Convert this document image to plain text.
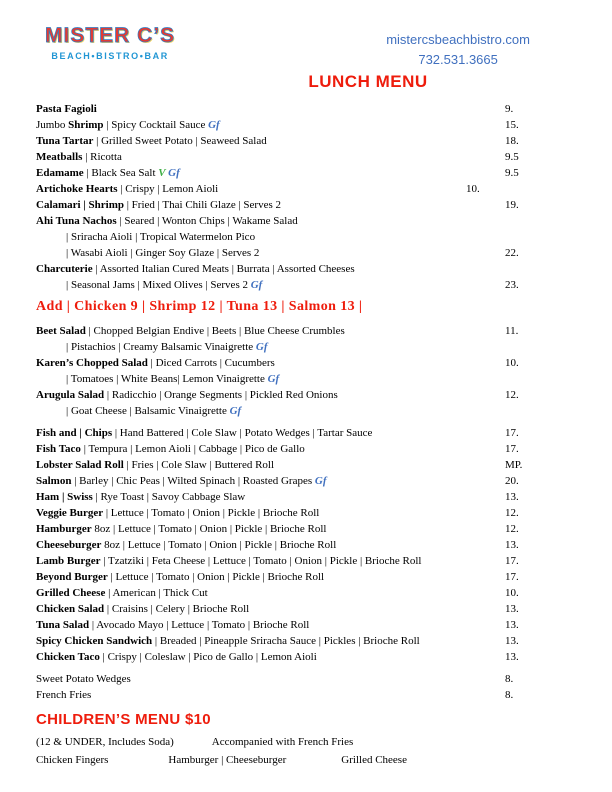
MISTER C’S
BEACH•BISTRO•BAR
mistercsbeachbistro.com
732.531.3665
LUNCH MENU
Pasta Fagioli	9.
Jumbo Shrimp | Spicy Cocktail Sauce Gf	15.
Tuna Tartar | Grilled Sweet Potato | Seaweed Salad	18.
Meatballs | Ricotta	9.5
Edamame | Black Sea Salt V Gf	9.5
Artichoke Hearts | Crispy | Lemon Aioli	10.
Calamari | Shrimp | Fried | Thai Chili Glaze | Serves 2	19.
Ahi Tuna Nachos | Seared | Wonton Chips | Wakame Salad
| Sriracha Aioli | Tropical Watermelon Pico
| Wasabi Aioli | Ginger Soy Glaze | Serves 2	22.
Charcuterie | Assorted Italian Cured Meats | Burrata | Assorted Cheeses
| Seasonal Jams | Mixed Olives | Serves 2 Gf	23.
Add | Chicken 9 | Shrimp 12 | Tuna 13 | Salmon 13 |
Beet Salad | Chopped Belgian Endive | Beets | Blue Cheese Crumbles	11.
| Pistachios | Creamy Balsamic Vinaigrette Gf
Karen’s Chopped Salad | Diced Carrots | Cucumbers	10.
| Tomatoes | White Beans| Lemon Vinaigrette Gf
Arugula Salad | Radicchio | Orange Segments | Pickled Red Onions	12.
| Goat Cheese | Balsamic Vinaigrette Gf
Fish and | Chips | Hand Battered | Cole Slaw | Potato Wedges | Tartar Sauce	17.
Fish Taco | Tempura | Lemon Aioli | Cabbage | Pico de Gallo	17.
Lobster Salad Roll | Fries | Cole Slaw | Buttered Roll	MP.
Salmon | Barley | Chic Peas | Wilted Spinach | Roasted Grapes Gf	20.
Ham | Swiss | Rye Toast | Savoy Cabbage Slaw	13.
Veggie Burger | Lettuce | Tomato | Onion | Pickle | Brioche Roll	12.
Hamburger 8oz | Lettuce | Tomato | Onion | Pickle | Brioche Roll	12.
Cheeseburger 8oz | Lettuce | Tomato | Onion | Pickle | Brioche Roll	13.
Lamb Burger | Tzatziki | Feta Cheese | Lettuce | Tomato | Onion | Pickle | Brioche Roll	17.
Beyond Burger | Lettuce | Tomato | Onion | Pickle | Brioche Roll	17.
Grilled Cheese | American | Thick Cut	10.
Chicken Salad | Craisins | Celery | Brioche Roll	13.
Tuna Salad | Avocado Mayo | Lettuce | Tomato | Brioche Roll	13.
Spicy Chicken Sandwich | Breaded | Pineapple Sriracha Sauce | Pickles | Brioche Roll	13.
Chicken Taco | Crispy | Coleslaw | Pico de Gallo | Lemon Aioli	13.
Sweet Potato Wedges	8.
French Fries	8.
CHILDREN’S MENU $10
(12 & UNDER, Includes Soda)	Accompanied with French Fries
Chicken Fingers	Hamburger | Cheeseburger	Grilled Cheese
